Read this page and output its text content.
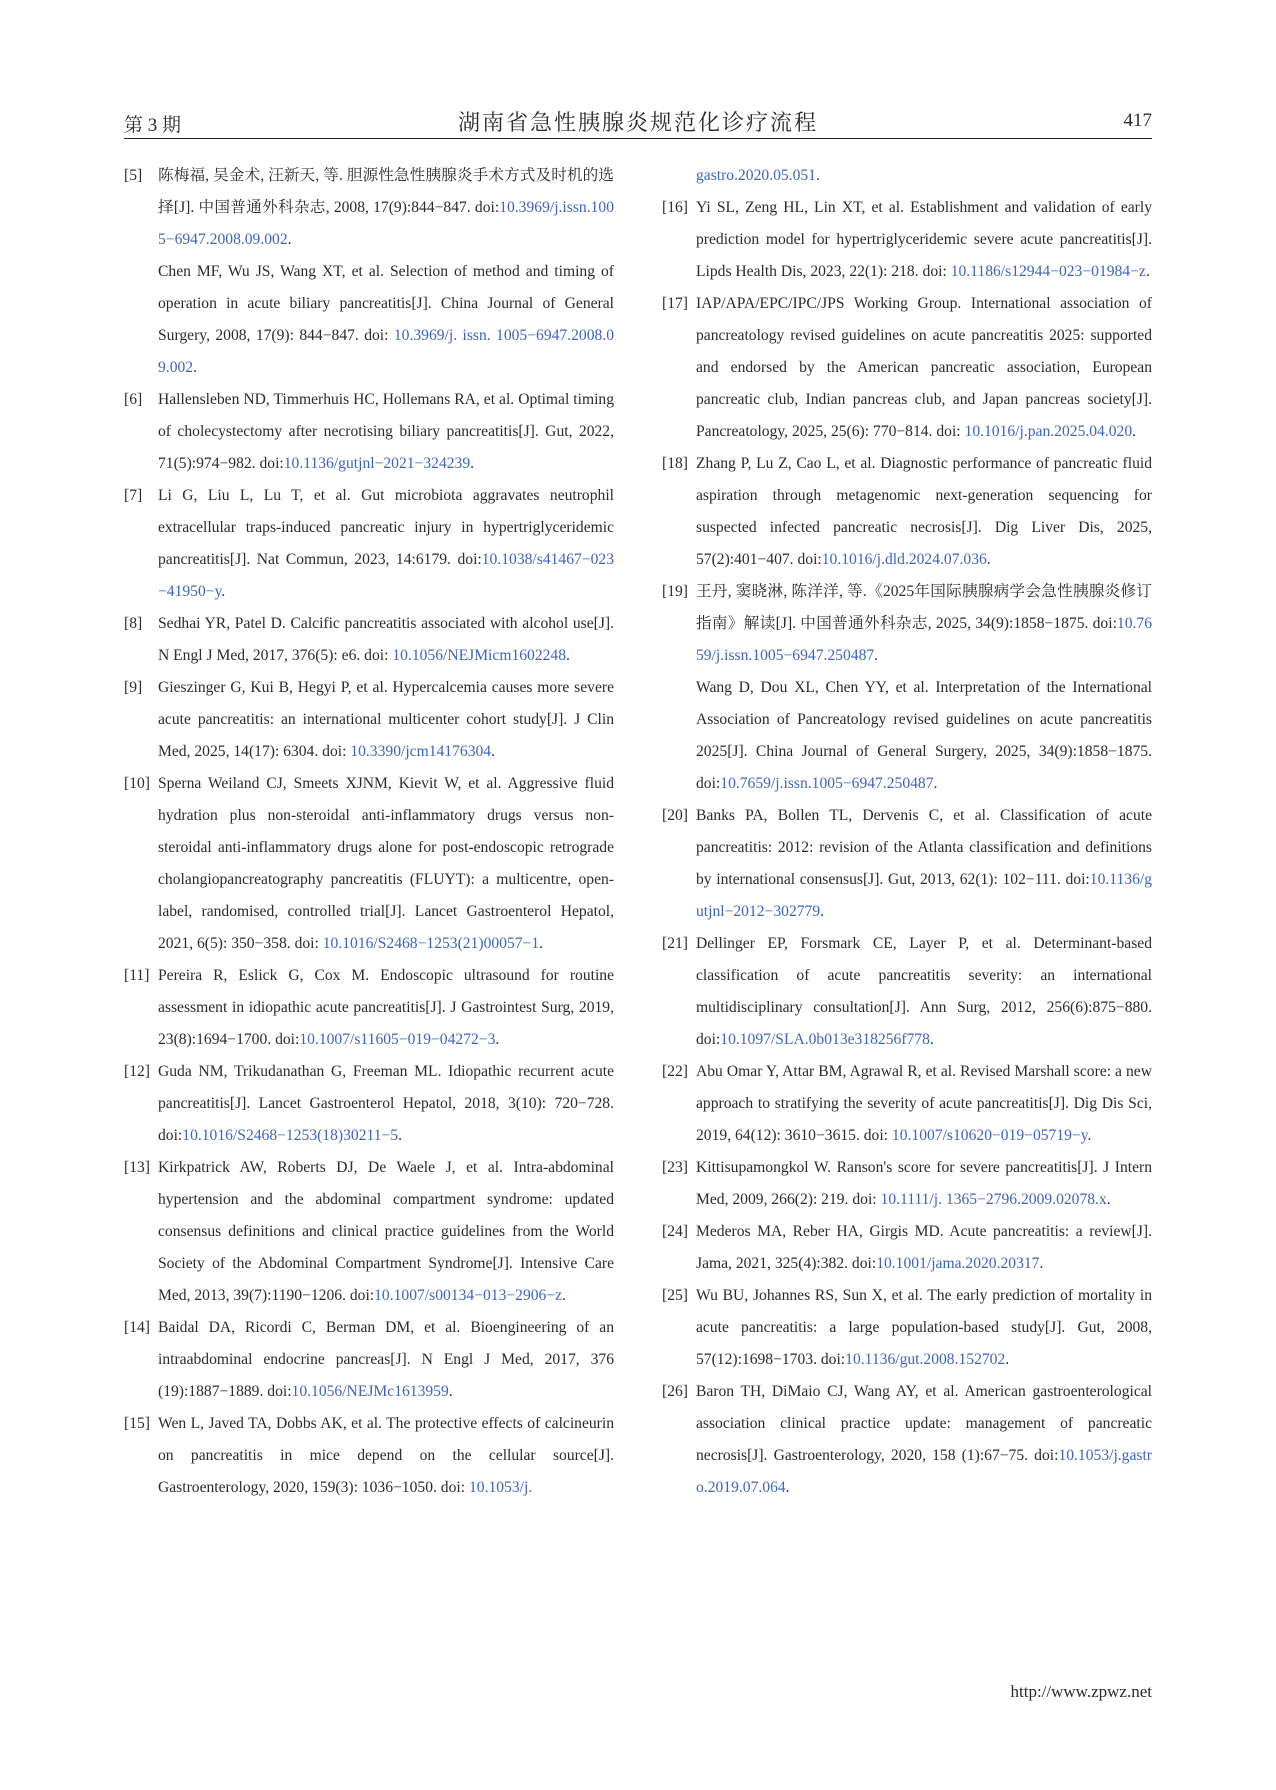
第 3 期	湖南省急性胰腺炎规范化诊疗流程	417
[5] 陈梅福, 吴金术, 汪新天, 等. 胆源性急性胰腺炎手术方式及时机的选择[J]. 中国普通外科杂志, 2008, 17(9):844−847. doi:10.3969/j.issn.1005−6947.2008.09.002.
Chen MF, Wu JS, Wang XT, et al. Selection of method and timing of operation in acute biliary pancreatitis[J]. China Journal of General Surgery, 2008, 17(9): 844−847. doi: 10.3969/j. issn. 1005−6947.2008.09.002.
[6] Hallensleben ND, Timmerhuis HC, Hollemans RA, et al. Optimal timing of cholecystectomy after necrotising biliary pancreatitis[J]. Gut, 2022, 71(5):974−982. doi:10.1136/gutjnl−2021−324239.
[7] Li G, Liu L, Lu T, et al. Gut microbiota aggravates neutrophil extracellular traps-induced pancreatic injury in hypertriglyceridemic pancreatitis[J]. Nat Commun, 2023, 14:6179. doi:10.1038/s41467−023−41950−y.
[8] Sedhai YR, Patel D. Calcific pancreatitis associated with alcohol use[J]. N Engl J Med, 2017, 376(5): e6. doi: 10.1056/NEJMicm1602248.
[9] Gieszinger G, Kui B, Hegyi P, et al. Hypercalcemia causes more severe acute pancreatitis: an international multicenter cohort study[J]. J Clin Med, 2025, 14(17): 6304. doi: 10.3390/jcm14176304.
[10] Sperna Weiland CJ, Smeets XJNM, Kievit W, et al. Aggressive fluid hydration plus non-steroidal anti-inflammatory drugs versus non-steroidal anti-inflammatory drugs alone for post-endoscopic retrograde cholangiopancreatography pancreatitis (FLUYT): a multicentre, open-label, randomised, controlled trial[J]. Lancet Gastroenterol Hepatol, 2021, 6(5): 350−358. doi: 10.1016/S2468−1253(21)00057−1.
[11] Pereira R, Eslick G, Cox M. Endoscopic ultrasound for routine assessment in idiopathic acute pancreatitis[J]. J Gastrointest Surg, 2019, 23(8):1694−1700. doi:10.1007/s11605−019−04272−3.
[12] Guda NM, Trikudanathan G, Freeman ML. Idiopathic recurrent acute pancreatitis[J]. Lancet Gastroenterol Hepatol, 2018, 3(10): 720−728. doi:10.1016/S2468−1253(18)30211−5.
[13] Kirkpatrick AW, Roberts DJ, De Waele J, et al. Intra-abdominal hypertension and the abdominal compartment syndrome: updated consensus definitions and clinical practice guidelines from the World Society of the Abdominal Compartment Syndrome[J]. Intensive Care Med, 2013, 39(7):1190−1206. doi:10.1007/s00134−013−2906−z.
[14] Baidal DA, Ricordi C, Berman DM, et al. Bioengineering of an intraabdominal endocrine pancreas[J]. N Engl J Med, 2017, 376 (19):1887−1889. doi:10.1056/NEJMc1613959.
[15] Wen L, Javed TA, Dobbs AK, et al. The protective effects of calcineurin on pancreatitis in mice depend on the cellular source[J]. Gastroenterology, 2020, 159(3): 1036−1050. doi: 10.1053/j.
gastro.2020.05.051.
[16] Yi SL, Zeng HL, Lin XT, et al. Establishment and validation of early prediction model for hypertriglyceridemic severe acute pancreatitis[J]. Lipds Health Dis, 2023, 22(1): 218. doi: 10.1186/s12944−023−01984−z.
[17] IAP/APA/EPC/IPC/JPS Working Group. International association of pancreatology revised guidelines on acute pancreatitis 2025: supported and endorsed by the American pancreatic association, European pancreatic club, Indian pancreas club, and Japan pancreas society[J]. Pancreatology, 2025, 25(6): 770−814. doi: 10.1016/j.pan.2025.04.020.
[18] Zhang P, Lu Z, Cao L, et al. Diagnostic performance of pancreatic fluid aspiration through metagenomic next-generation sequencing for suspected infected pancreatic necrosis[J]. Dig Liver Dis, 2025, 57(2):401−407. doi:10.1016/j.dld.2024.07.036.
[19] 王丹, 窦晓淋, 陈洋洋, 等.《2025年国际胰腺病学会急性胰腺炎修订指南》解读[J]. 中国普通外科杂志, 2025, 34(9):1858−1875. doi:10.7659/j.issn.1005−6947.250487.
Wang D, Dou XL, Chen YY, et al. Interpretation of the International Association of Pancreatology revised guidelines on acute pancreatitis 2025[J]. China Journal of General Surgery, 2025, 34(9):1858−1875. doi:10.7659/j.issn.1005−6947.250487.
[20] Banks PA, Bollen TL, Dervenis C, et al. Classification of acute pancreatitis: 2012: revision of the Atlanta classification and definitions by international consensus[J]. Gut, 2013, 62(1): 102−111. doi:10.1136/gutjnl−2012−302779.
[21] Dellinger EP, Forsmark CE, Layer P, et al. Determinant-based classification of acute pancreatitis severity: an international multidisciplinary consultation[J]. Ann Surg, 2012, 256(6):875−880. doi:10.1097/SLA.0b013e318256f778.
[22] Abu Omar Y, Attar BM, Agrawal R, et al. Revised Marshall score: a new approach to stratifying the severity of acute pancreatitis[J]. Dig Dis Sci, 2019, 64(12): 3610−3615. doi: 10.1007/s10620−019−05719−y.
[23] Kittisupamongkol W. Ranson's score for severe pancreatitis[J]. J Intern Med, 2009, 266(2): 219. doi: 10.1111/j. 1365−2796.2009.02078.x.
[24] Mederos MA, Reber HA, Girgis MD. Acute pancreatitis: a review[J]. Jama, 2021, 325(4):382. doi:10.1001/jama.2020.20317.
[25] Wu BU, Johannes RS, Sun X, et al. The early prediction of mortality in acute pancreatitis: a large population-based study[J]. Gut, 2008, 57(12):1698−1703. doi:10.1136/gut.2008.152702.
[26] Baron TH, DiMaio CJ, Wang AY, et al. American gastroenterological association clinical practice update: management of pancreatic necrosis[J]. Gastroenterology, 2020, 158 (1):67−75. doi:10.1053/j.gastro.2019.07.064.
http://www.zpwz.net
